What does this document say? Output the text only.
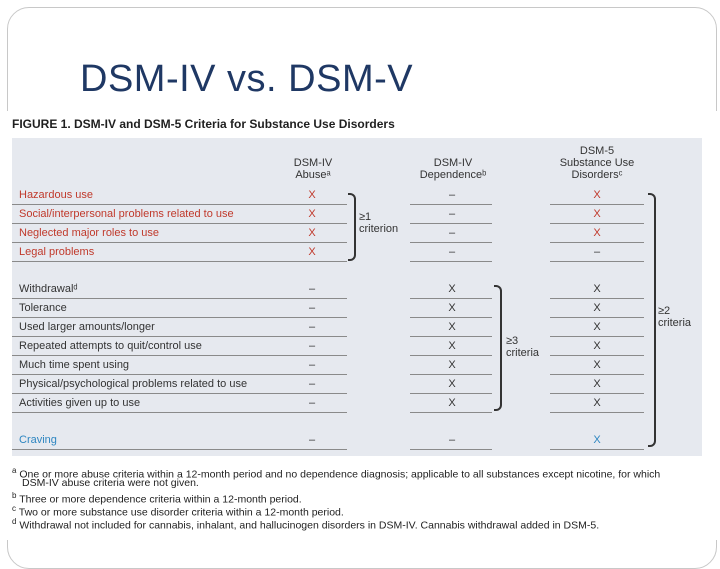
DSM-IV vs. DSM-V
FIGURE 1. DSM-IV and DSM-5 Criteria for Substance Use Disorders
DSM-IV
Abuseᵃ
DSM-IV
Dependenceᵇ
DSM-5
Substance Use
Disordersᶜ
Hazardous use	X	–	X
Social/interpersonal problems related to use	X	–	X
Neglected major roles to use	X	–	X
Legal problems	X	–	–
Withdrawalᵈ	–	X	X
Tolerance	–	X	X
Used larger amounts/longer	–	X	X
Repeated attempts to quit/control use	–	X	X
Much time spent using	–	X	X
Physical/psychological problems related to use	–	X	X
Activities given up to use	–	X	X
Craving	–	–	X
≥1
criterion
≥3
criteria
≥2
criteria
$^a$ One or more abuse criteria within a 12-month period and no dependence diagnosis; applicable to all substances except nicotine, for which
DSM-IV abuse criteria were not given.
$^b$ Three or more dependence criteria within a 12-month period.
$^c$ Two or more substance use disorder criteria within a 12-month period.
$^d$ Withdrawal not included for cannabis, inhalant, and hallucinogen disorders in DSM-IV. Cannabis withdrawal added in DSM-5.
